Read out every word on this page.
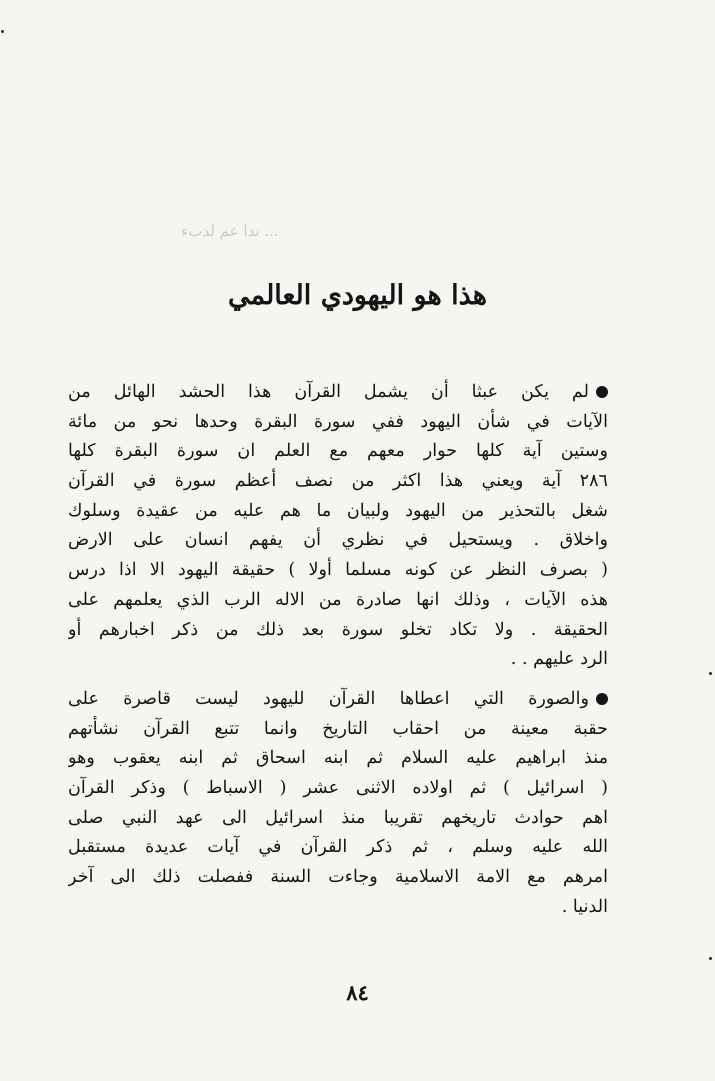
... ندا عم لدبء
هذا هو اليهودي العالمي
لم يكن عبثا أن يشمل القرآن هذا الحشد الهائل من
الآيات في شأن اليهود ففي سورة البقرة وحدها نحو من مائة
وستين آية كلها حوار معهم مع العلم ان سورة البقرة كلها
٢٨٦ آية ويعني هذا اكثر من نصف أعظم سورة في القرآن
شغل بالتحذير من اليهود ولبيان ما هم عليه من عقيدة وسلوك
واخلاق . ويستحيل في نظري أن يفهم انسان على الارض
( بصرف النظر عن كونه مسلما أولا ) حقيقة اليهود الا اذا درس
هذه الآيات ، وذلك انها صادرة من الاله الرب الذي يعلمهم على
الحقيقة . ولا تكاد تخلو سورة بعد ذلك من ذكر اخبارهم أو
الرد عليهم . .
والصورة التي اعطاها القرآن لليهود ليست قاصرة على
حقبة معينة من احقاب التاريخ وانما تتبع القرآن نشأتهم
منذ ابراهيم عليه السلام ثم ابنه اسحاق ثم ابنه يعقوب وهو
( اسرائيل ) ثم اولاده الاثنى عشر ( الاسباط ) وذكر القرآن
اهم حوادث تاريخهم تقريبا منذ اسرائيل الى عهد النبي صلى
الله عليه وسلم ، ثم ذكر القرآن في آيات عديدة مستقبل
امرهم مع الامة الاسلامية وجاءت السنة ففصلت ذلك الى آخر
الدنيا .
٨٤
